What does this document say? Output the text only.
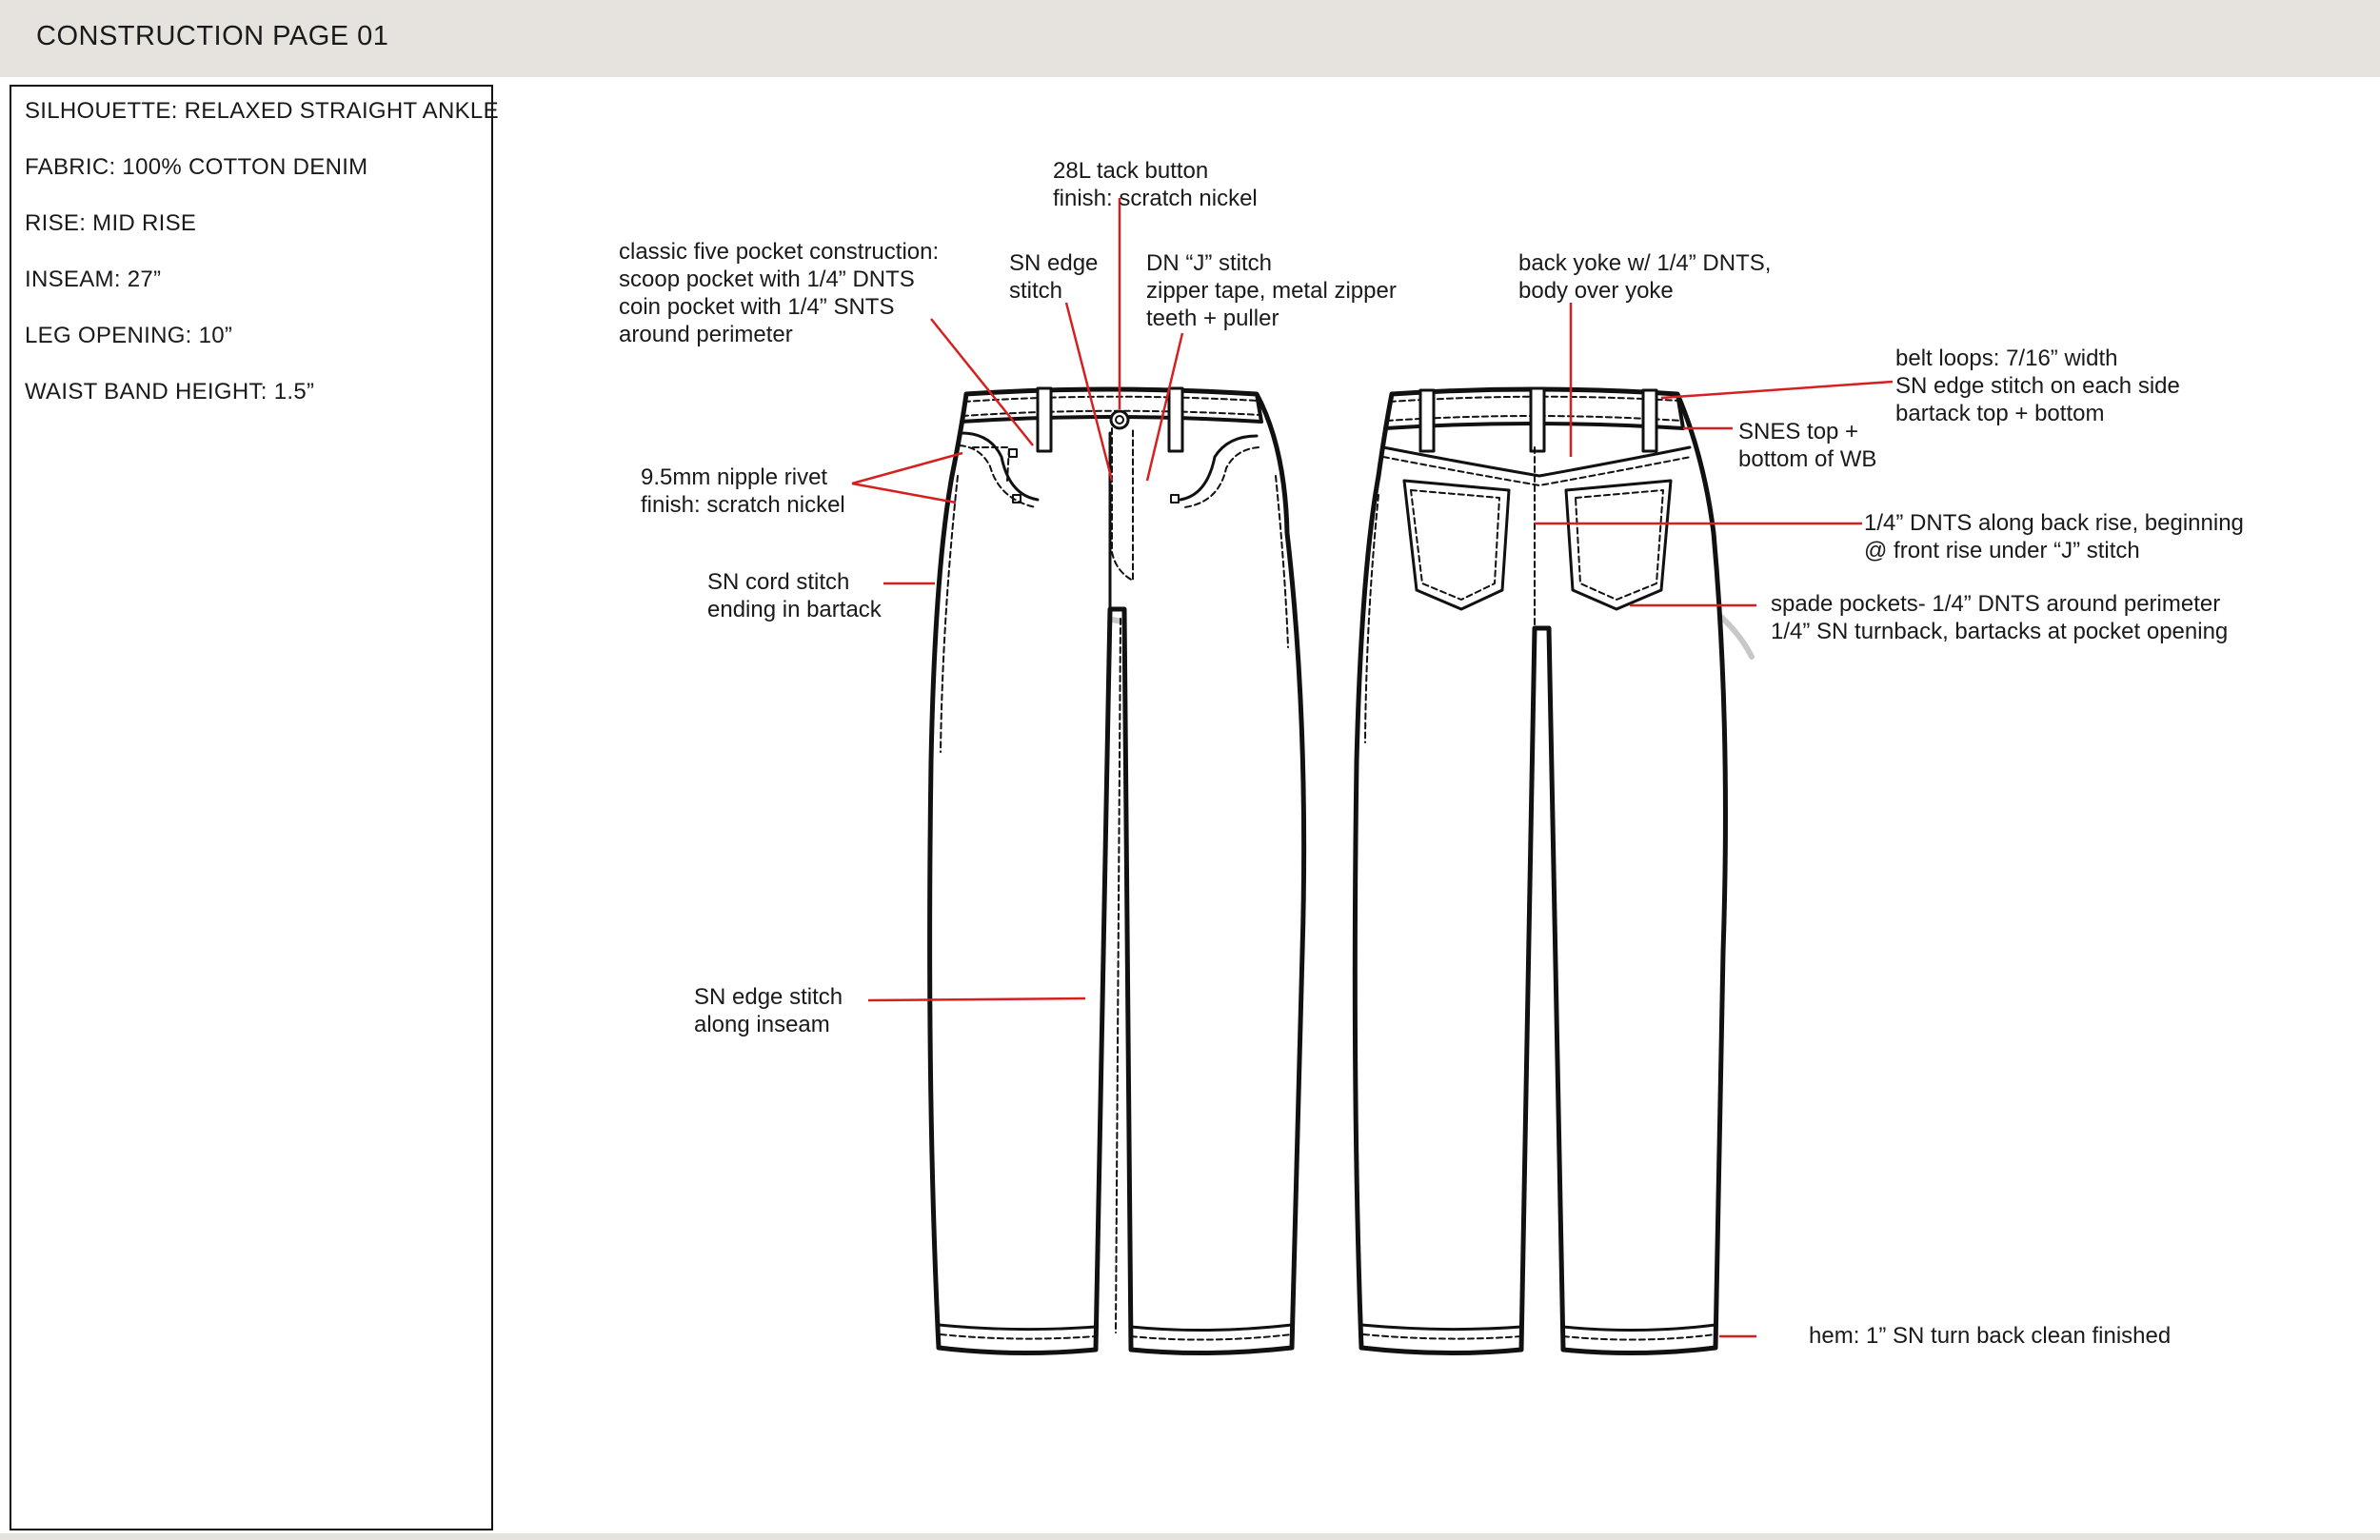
CONSTRUCTION PAGE 01
SILHOUETTE: RELAXED STRAIGHT ANKLE
FABRIC: 100% COTTON DENIM
RISE: MID RISE
INSEAM: 27”
LEG OPENING: 10”
WAIST BAND HEIGHT: 1.5”
28L tack button
finish: scratch nickel
classic five pocket construction:
scoop pocket with 1/4” DNTS
coin pocket with 1/4” SNTS
around perimeter
SN edge
stitch
DN “J” stitch
zipper tape, metal zipper
teeth + puller
9.5mm nipple rivet
finish: scratch nickel
SN cord stitch
ending in bartack
SN edge stitch
along inseam
back yoke w/ 1/4” DNTS,
body over yoke
belt loops: 7/16” width
SN edge stitch on each side
bartack top + bottom
SNES top +
bottom of WB
1/4” DNTS along back rise, beginning
@ front rise under “J” stitch
spade pockets- 1/4” DNTS around perimeter
1/4” SN turnback, bartacks at pocket opening
hem: 1” SN turn back clean finished
